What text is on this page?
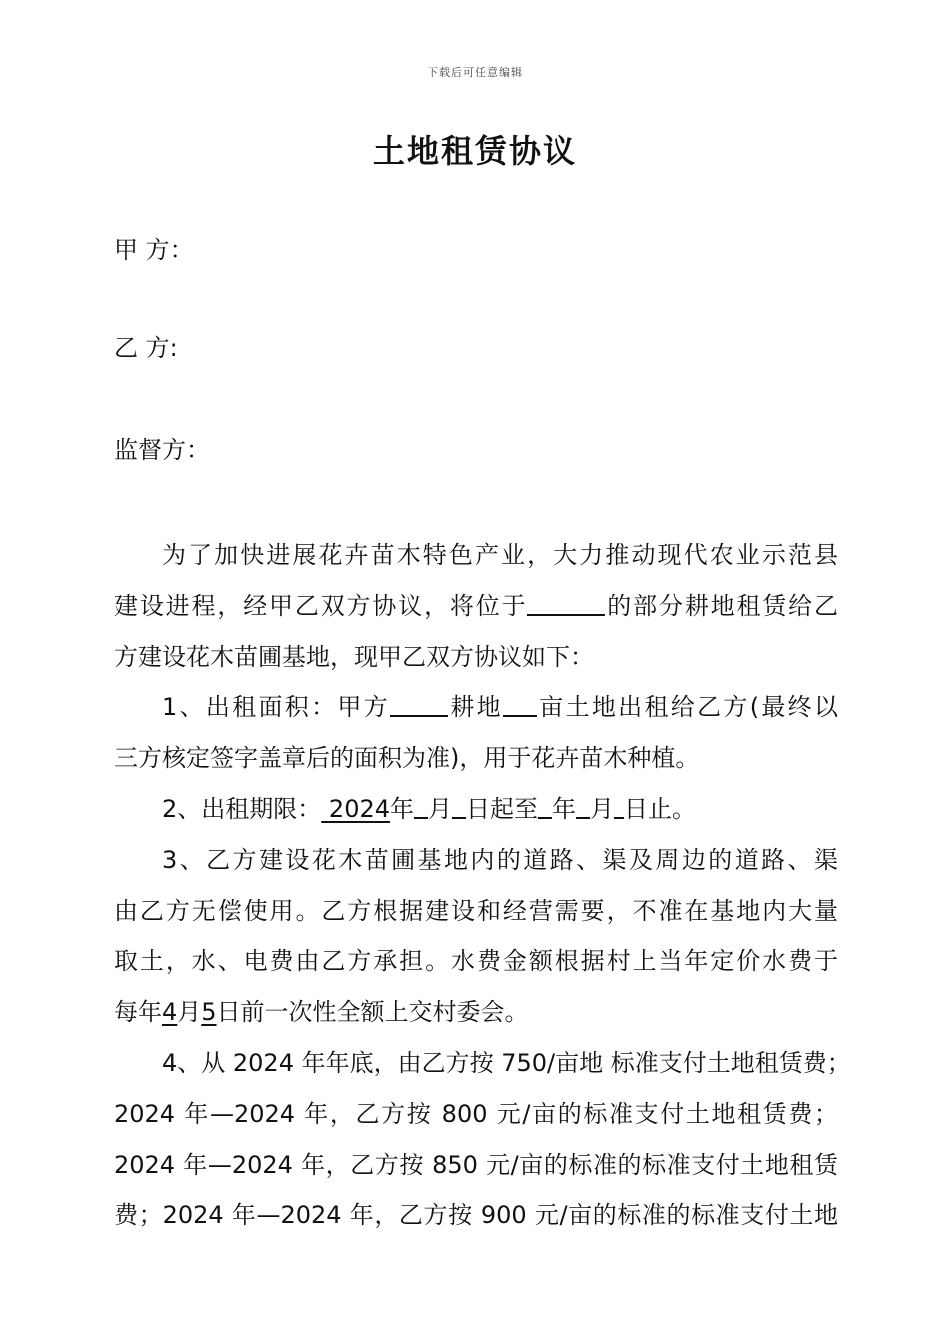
下载后可任意编辑
土地租赁协议
甲 方：
乙 方:
监督方：
为了加快进展花卉苗木特色产业，大力推动现代农业示范县
建设进程，经甲乙双方协议，将位于	的部分耕地租赁给乙
方建设花木苗圃基地，现甲乙双方协议如下：
1、出租面积：甲方 耕地 亩土地出租给乙方(最终以
三方核定签字盖章后的面积为准)，用于花卉苗木种植。
2、出租期限： 2024年 月 日起至 年 月 日止。
3、乙方建设花木苗圃基地内的道路、渠及周边的道路、渠
由乙方无偿使用。乙方根据建设和经营需要，不准在基地内大量
取土，水、电费由乙方承担。水费金额根据村上当年定价水费于
每年4月5日前一次性全额上交村委会。
4、从 2024 年年底，由乙方按 750/亩地 标准支付土地租赁费；
2024 年—2024 年，乙方按 800 元/亩的标准支付土地租赁费；
2024 年—2024 年，乙方按 850 元/亩的标准的标准支付土地租赁
费；2024 年—2024 年，乙方按 900 元/亩的标准的标准支付土地
